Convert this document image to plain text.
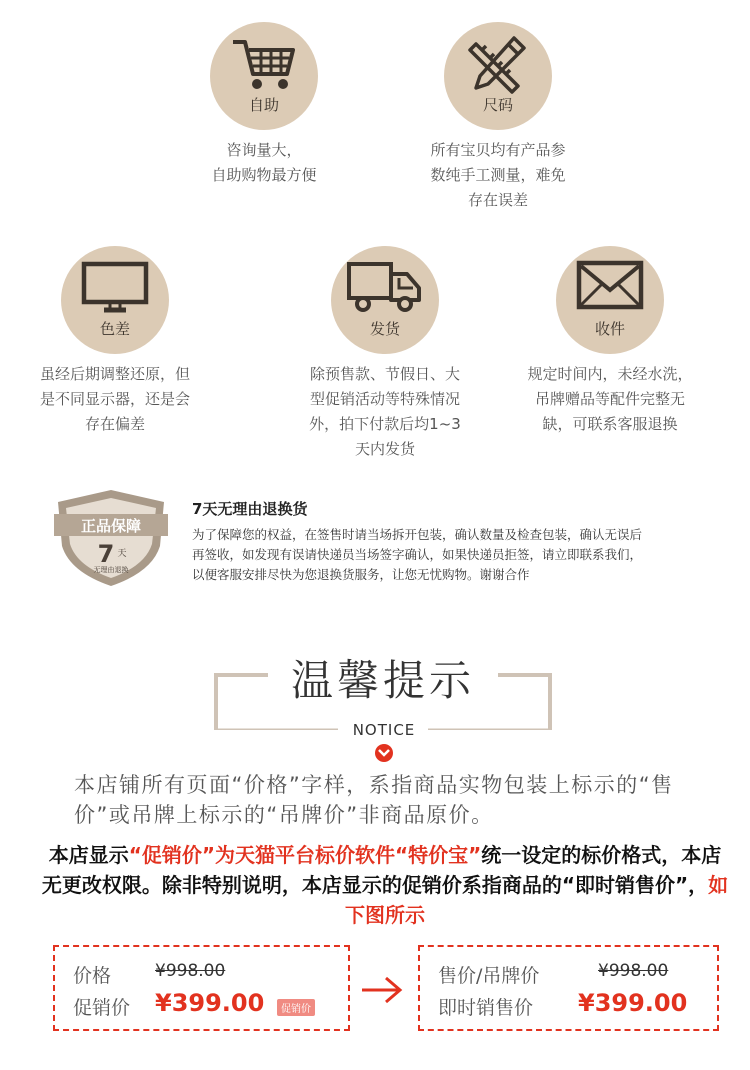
自助
咨询量大，
自助购物最方便
尺码
所有宝贝均有产品参
数纯手工测量，难免
存在误差
色差
虽经后期调整还原，但
是不同显示器，还是会
存在偏差
发货
除预售款、节假日、大
型促销活动等特殊情况
外，拍下付款后均1~3
天内发货
收件
规定时间内，未经水洗，
吊牌赠品等配件完整无
缺，可联系客服退换
正品保障
7 天
无理由退换
7天无理由退换货
为了保障您的权益，在签售时请当场拆开包装，确认数量及检查包装，确认无误后
再签收，如发现有误请快递员当场签字确认，如果快递员拒签，请立即联系我们，
以便客服安排尽快为您退换货服务，让您无忧购物。谢谢合作
温馨提示
NOTICE
本店铺所有页面“价格”字样，系指商品实物包装上标示的“售价”或吊牌上标示的“吊牌价”非商品原价。
本店显示“促销价”为天猫平台标价软件“特价宝”统一设定的标价格式，本店无更改权限。除非特别说明，本店显示的促销价系指商品的“即时销售价”，如下图所示
价格	¥998.00
促销价 ¥399.00	促销价
售价/吊牌价	¥998.00
即时销售价 ¥399.00
